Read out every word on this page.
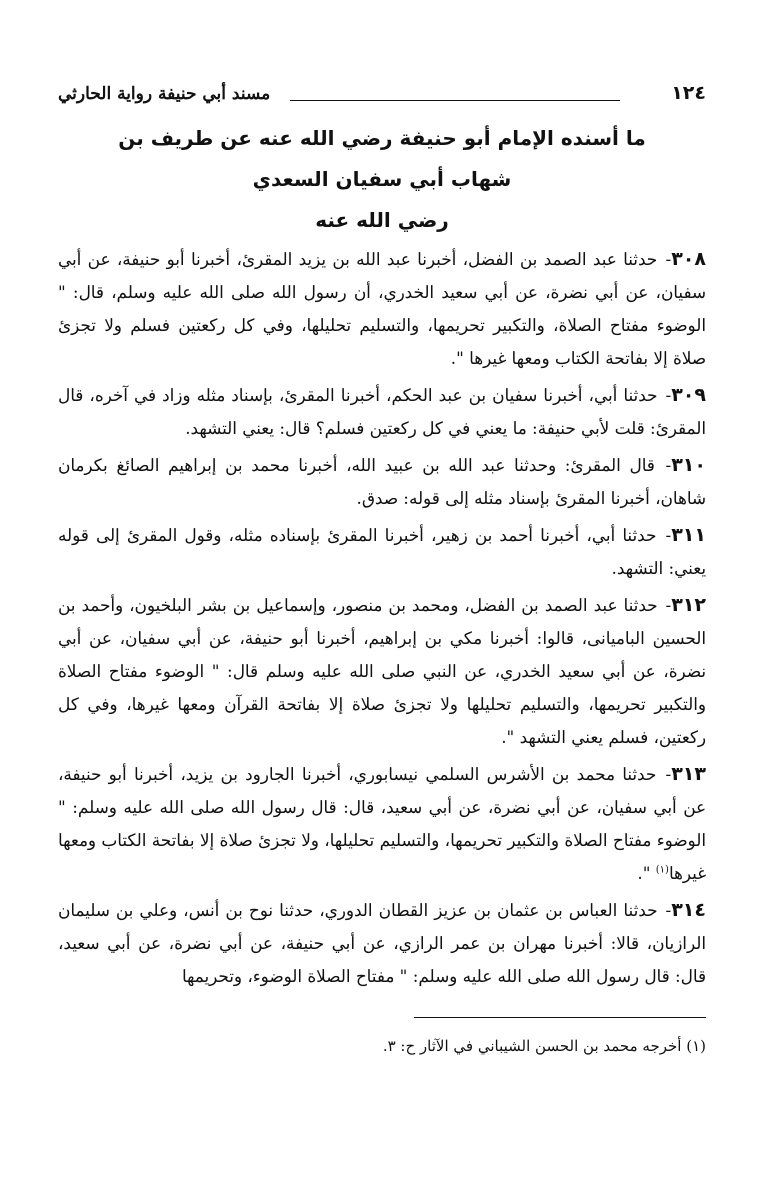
١٢٤
مسند أبي حنيفة رواية الحارثي
ما أسنده الإمام أبو حنيفة رضي الله عنه عن طريف بن
شهاب أبي سفيان السعدي
رضي الله عنه

٣٠٨- حدثنا عبد الصمد بن الفضل، أخبرنا عبد الله بن يزيد المقرئ، أخبرنا أبو حنيفة، عن أبي سفيان، عن أبي نضرة، عن أبي سعيد الخدري، أن رسول الله صلى الله عليه وسلم، قال: " الوضوء مفتاح الصلاة، والتكبير تحريمها، والتسليم تحليلها، وفي كل ركعتين فسلم ولا تجزئ صلاة إلا بفاتحة الكتاب ومعها غيرها ".

٣٠٩- حدثنا أبي، أخبرنا سفيان بن عبد الحكم، أخبرنا المقرئ، بإسناد مثله وزاد في آخره، قال المقرئ: قلت لأبي حنيفة: ما يعني في كل ركعتين فسلم؟ قال: يعني التشهد.

٣١٠- قال المقرئ: وحدثنا عبد الله بن عبيد الله، أخبرنا محمد بن إبراهيم الصائغ بكرمان شاهان، أخبرنا المقرئ بإسناد مثله إلى قوله: صدق.

٣١١- حدثنا أبي، أخبرنا أحمد بن زهير، أخبرنا المقرئ بإسناده مثله، وقول المقرئ إلى قوله يعني: التشهد.

٣١٢- حدثنا عبد الصمد بن الفضل، ومحمد بن منصور، وإسماعيل بن بشر البلخيون، وأحمد بن الحسين الباميانى، قالوا: أخبرنا مكي بن إبراهيم، أخبرنا أبو حنيفة، عن أبي سفيان، عن أبي نضرة، عن أبي سعيد الخدري، عن النبي صلى الله عليه وسلم قال: " الوضوء مفتاح الصلاة والتكبير تحريمها، والتسليم تحليلها ولا تجزئ صلاة إلا بفاتحة القرآن ومعها غيرها، وفي كل ركعتين، فسلم يعني التشهد ".

٣١٣- حدثنا محمد بن الأشرس السلمي نيسابوري، أخبرنا الجارود بن يزيد، أخبرنا أبو حنيفة، عن أبي سفيان، عن أبي نضرة، عن أبي سعيد، قال: قال رسول الله صلى الله عليه وسلم: " الوضوء مفتاح الصلاة والتكبير تحريمها، والتسليم تحليلها، ولا تجزئ صلاة إلا بفاتحة الكتاب ومعها غيرها$^{(١)}$ ".

٣١٤- حدثنا العباس بن عثمان بن عزيز القطان الدوري، حدثنا نوح بن أنس، وعلي بن سليمان الرازيان، قالا: أخبرنا مهران بن عمر الرازي، عن أبي حنيفة، عن أبي نضرة، عن أبي سعيد، قال: قال رسول الله صلى الله عليه وسلم: " مفتاح الصلاة الوضوء، وتحريمها

(١) أخرجه محمد بن الحسن الشيباني في الآثار ح: ٣.
